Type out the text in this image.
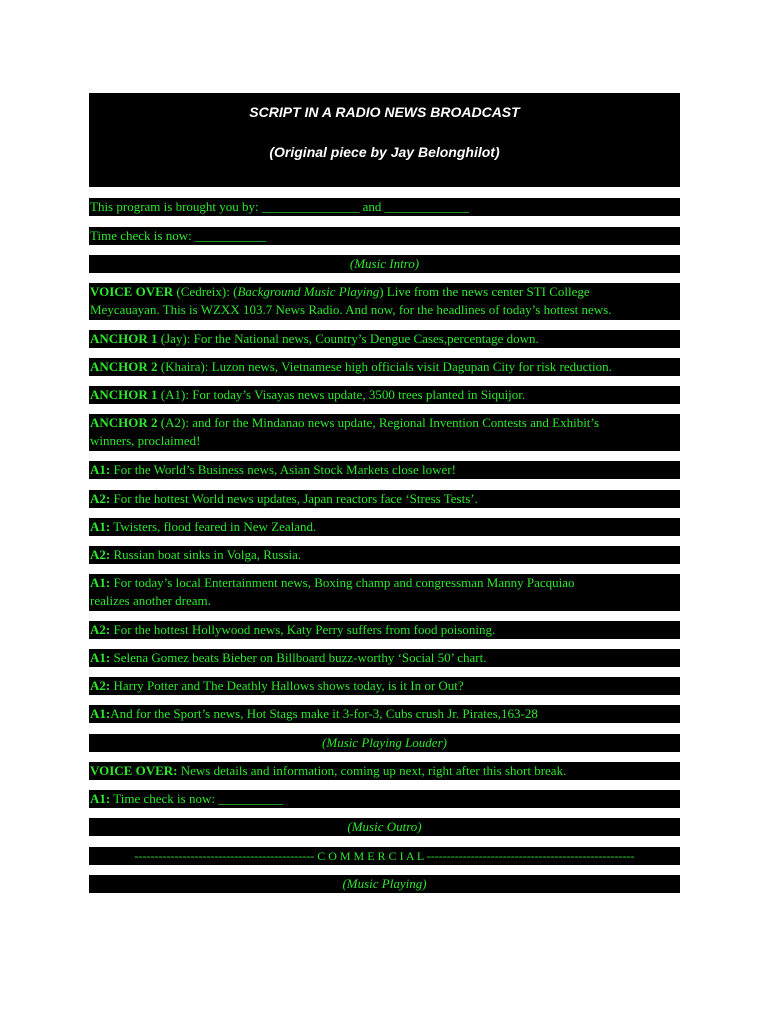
SCRIPT IN A RADIO NEWS BROADCAST
(Original piece by Jay Belonghilot)
This program is brought you by: _______________ and _____________
Time check is now: ___________
(Music Intro)
VOICE OVER (Cedreix): (Background Music Playing) Live from the news center STI College
Meycauayan. This is WZXX 103.7 News Radio. And now, for the headlines of today’s hottest news.
ANCHOR 1 (Jay): For the National news, Country’s Dengue Cases,percentage down.
ANCHOR 2 (Khaira): Luzon news, Vietnamese high officials visit Dagupan City for risk reduction.
ANCHOR 1 (A1): For today’s Visayas news update, 3500 trees planted in Siquijor.
ANCHOR 2 (A2): and for the Mindanao news update, Regional Invention Contests and Exhibit’s
winners, proclaimed!
A1: For the World’s Business news, Asian Stock Markets close lower!
A2: For the hottest World news updates, Japan reactors face ‘Stress Tests’.
A1: Twisters, flood feared in New Zealand.
A2: Russian boat sinks in Volga, Russia.
A1: For today’s local Entertainment news, Boxing champ and congressman Manny Pacquiao
realizes another dream.
A2: For the hottest Hollywood news, Katy Perry suffers from food poisoning.
A1: Selena Gomez beats Bieber on Billboard buzz-worthy ‘Social 50’ chart.
A2: Harry Potter and The Deathly Hallows shows today, is it In or Out?
A1:And for the Sport’s news, Hot Stags make it 3-for-3, Cubs crush Jr. Pirates,163-28
(Music Playing Louder)
VOICE OVER: News details and information, coming up next, right after this short break.
A1: Time check is now: __________
(Music Outro)
--------------------------------------------- C O M M E R C I A L ----------------------------------------------------
(Music Playing)
